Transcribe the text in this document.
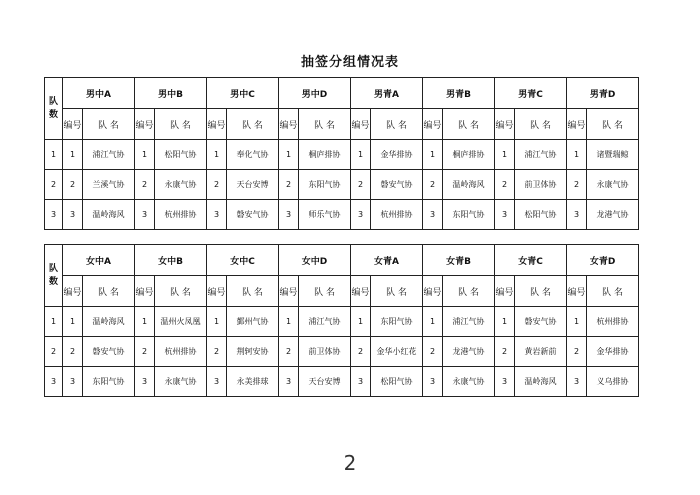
抽签分组情况表
队
数	男中A		男中B		男中C		男中D		男青A		男青B		男青C		男青D	
	编号	队 名	编号	队 名	编号	队 名	编号	队 名	编号	队 名	编号	队 名	编号	队 名	编号	队 名
1	1	浦江气协	1	松阳气协	1	奉化气协	1	桐庐排协	1	金华排协	1	桐庐排协	1	浦江气协	1	诸暨瑞鲸
2	2	兰溪气协	2	永康气协	2	天台安博	2	东阳气协	2	磐安气协	2	温岭海风	2	前卫体协	2	永康气协
3	3	温岭海风	3	杭州排协	3	磐安气协	3	师乐气协	3	杭州排协	3	东阳气协	3	松阳气协	3	龙港气协
队
数	女中A		女中B		女中C		女中D		女青A		女青B		女青C		女青D	
	编号	队 名	编号	队 名	编号	队 名	编号	队 名	编号	队 名	编号	队 名	编号	队 名	编号	队 名
1	1	温岭海风	1	温州火凤凰	1	鄞州气协	1	浦江气协	1	东阳气协	1	浦江气协	1	磐安气协	1	杭州排协
2	2	磐安气协	2	杭州排协	2	荆轲安协	2	前卫体协	2	金华小红花	2	龙港气协	2	黄岩新前	2	金华排协
3	3	东阳气协	3	永康气协	3	永美排球	3	天台安博	3	松阳气协	3	永康气协	3	温岭海风	3	义乌排协
2
